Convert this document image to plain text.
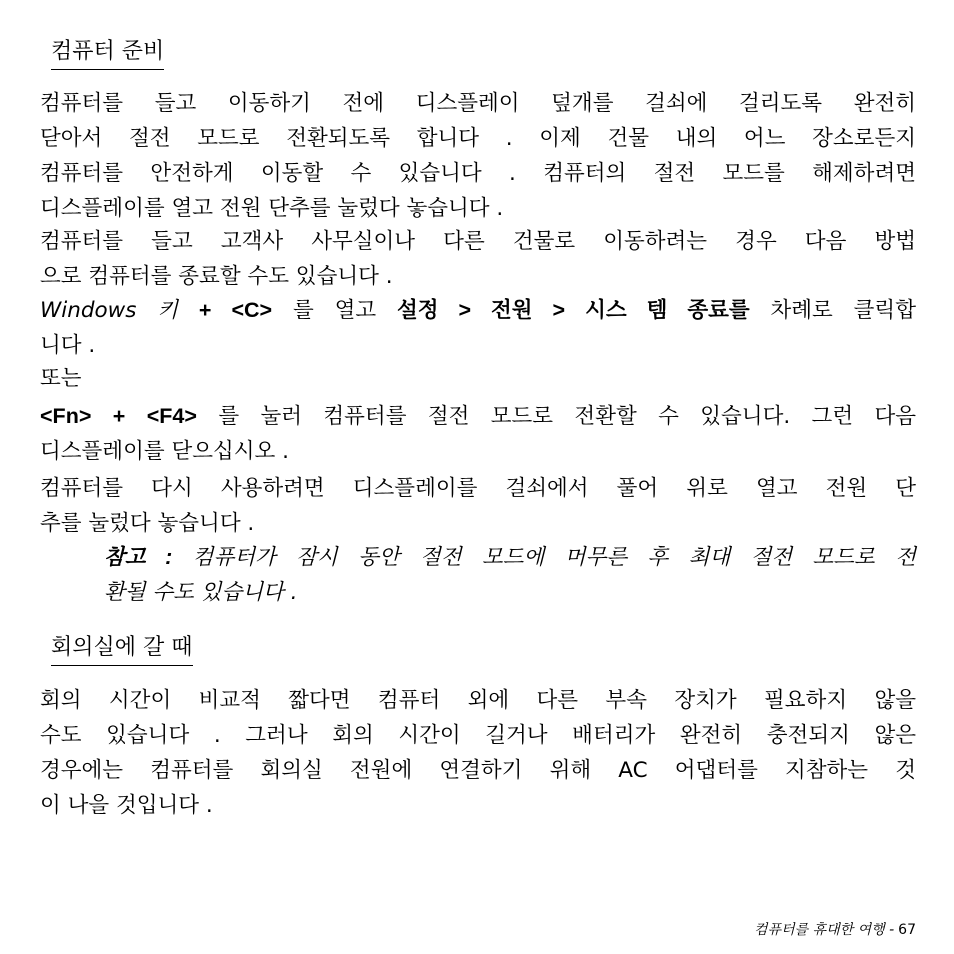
컴퓨터 준비

컴퓨터를 들고 이동하기 전에 디스플레이 덮개를 걸쇠에 걸리도록 완전히
닫아서 절전 모드로 전환되도록 합니다 . 이제 건물 내의 어느 장소로든지
컴퓨터를 안전하게 이동할 수 있습니다 . 컴퓨터의 절전 모드를 해제하려면
디스플레이를 열고 전원 단추를 눌렀다 놓습니다 .

컴퓨터를 들고 고객사 사무실이나 다른 건물로 이동하려는 경우 다음 방법
으로 컴퓨터를 종료할 수도 있습니다 .

Windows 키 + <C> 를 열고 설정 > 전원 > 시스 템 종료를 차례로 클릭합
니다 .

또는

<Fn> + <F4> 를 눌러 컴퓨터를 절전 모드로 전환할 수 있습니다. 그런 다음
디스플레이를 닫으십시오 .

컴퓨터를 다시 사용하려면 디스플레이를 걸쇠에서 풀어 위로 열고 전원 단
추를 눌렀다 놓습니다 .

참고 : 컴퓨터가 잠시 동안 절전 모드에 머무른 후 최대 절전 모드로 전
환될 수도 있습니다 .

회의실에 갈 때

회의 시간이 비교적 짧다면 컴퓨터 외에 다른 부속 장치가 필요하지 않을
수도 있습니다 . 그러나 회의 시간이 길거나 배터리가 완전히 충전되지 않은
경우에는 컴퓨터를 회의실 전원에 연결하기 위해 AC 어댑터를 지참하는 것
이 나을 것입니다 .

컴퓨터를 휴대한 여행 - 67
